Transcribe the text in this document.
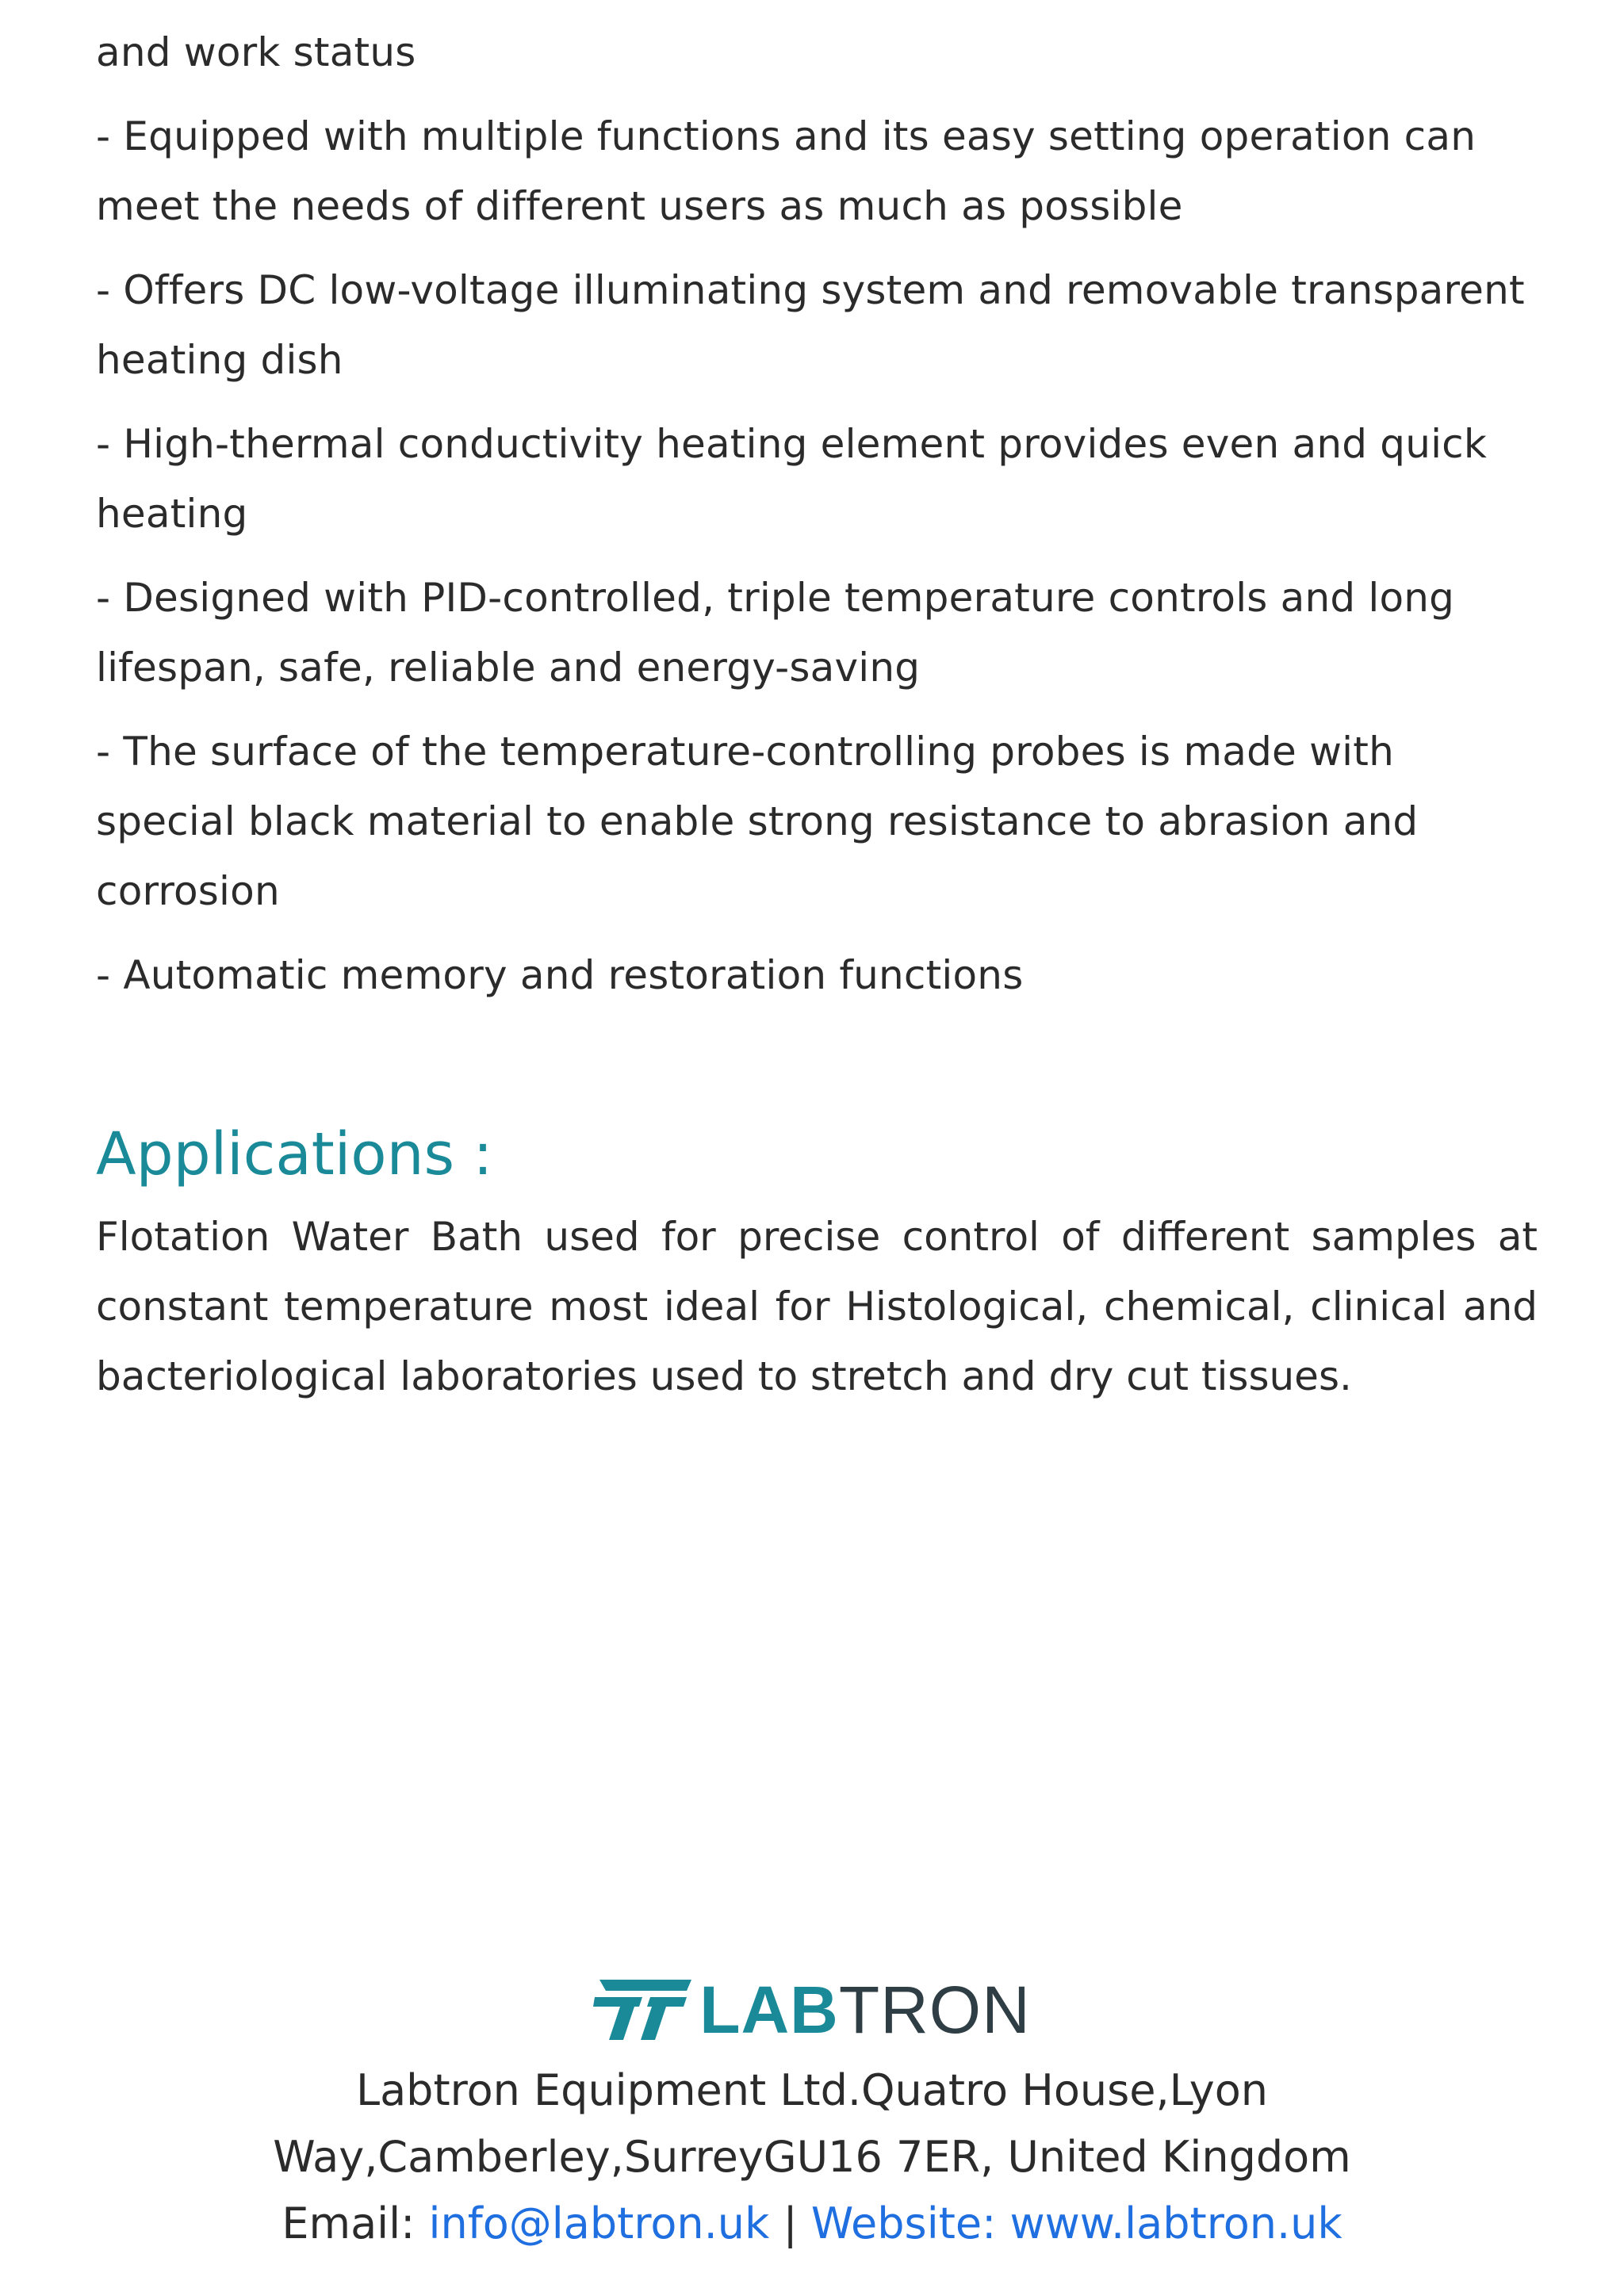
and work status

- Equipped with multiple functions and its easy setting operation can meet the needs of different users as much as possible

- Offers DC low-voltage illuminating system and removable transparent heating dish

- High-thermal conductivity heating element provides even and quick heating

- Designed with PID-controlled, triple temperature controls and long lifespan, safe, reliable and energy-saving

- The surface of the temperature-controlling probes is made with special black material to enable strong resistance to abrasion and corrosion

- Automatic memory and restoration functions

Applications :

Flotation Water Bath used for precise control of different samples at constant temperature most ideal for Histological, chemical, clinical and bacteriological laboratories used to stretch and dry cut tissues.

LABTRON

Labtron Equipment Ltd.Quatro House,Lyon

Way,Camberley,SurreyGU16 7ER, United Kingdom

Email: info@labtron.uk | Website: www.labtron.uk
